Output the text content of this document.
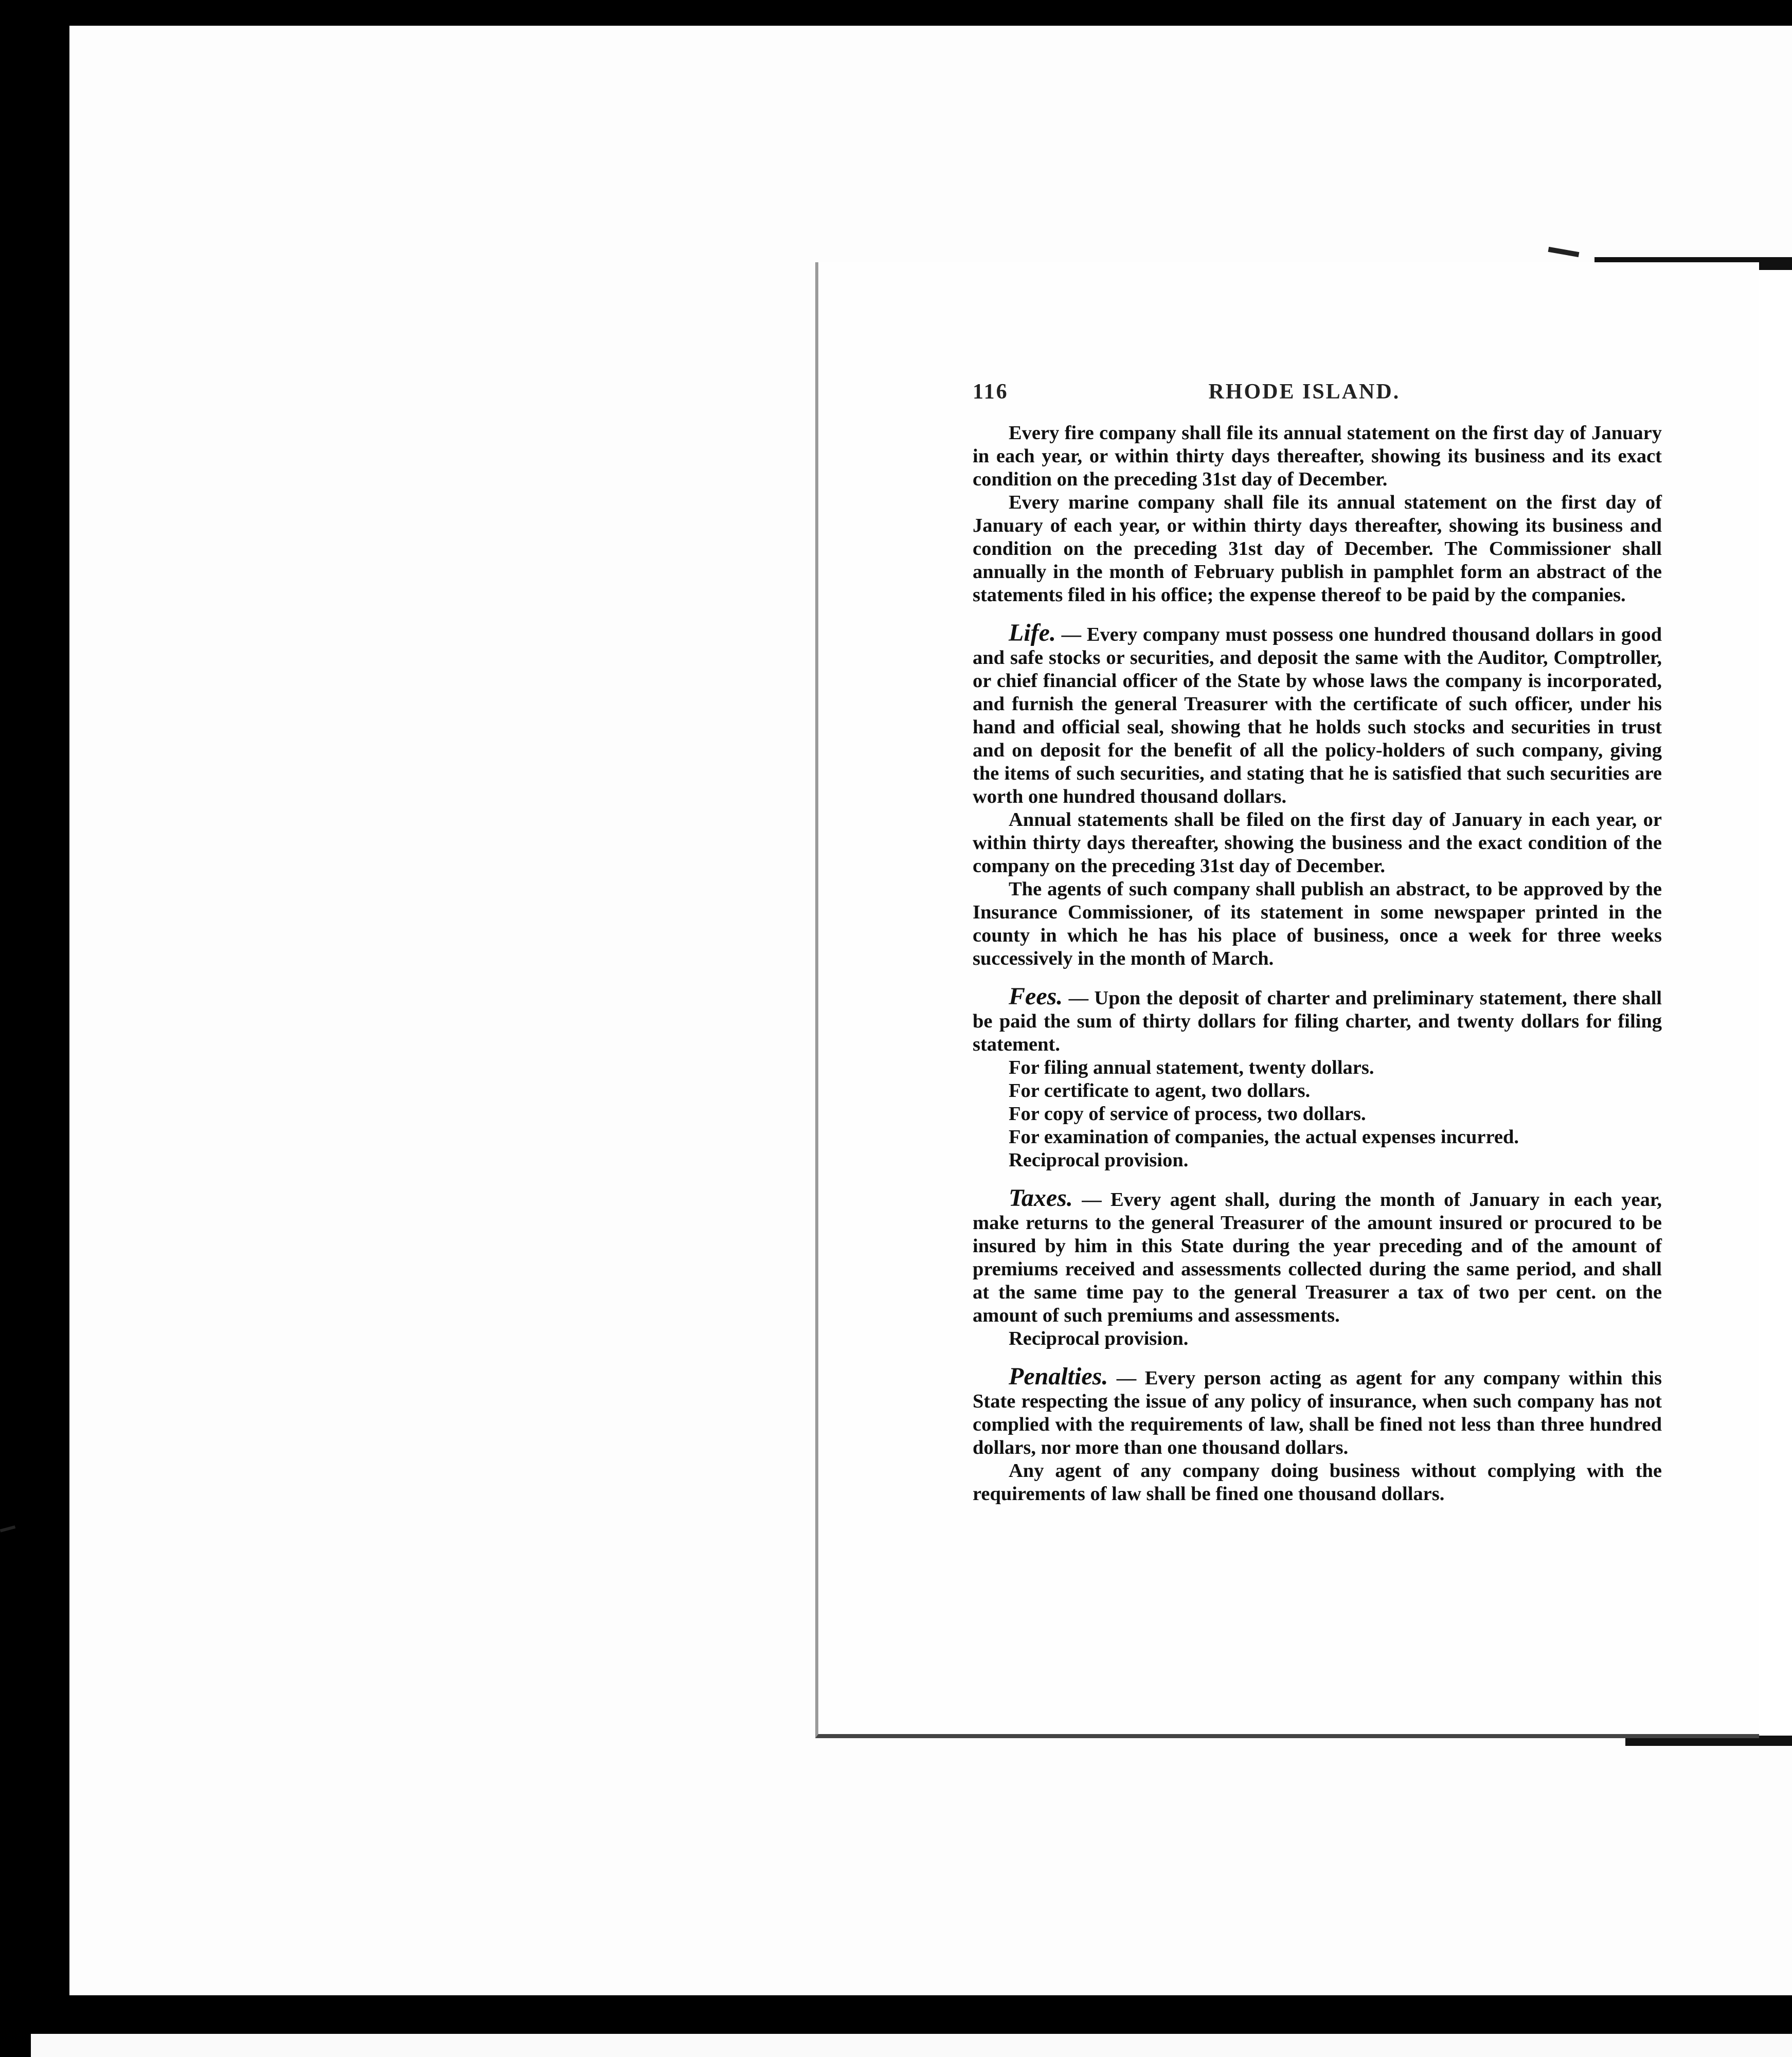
116	RHODE ISLAND.

Every fire company shall file its annual statement on the first day of January in each year, or within thirty days thereafter, showing its business and its exact condition on the preceding 31st day of December.

Every marine company shall file its annual statement on the first day of January of each year, or within thirty days thereafter, showing its business and condition on the preceding 31st day of December. The Commissioner shall annually in the month of February publish in pamphlet form an abstract of the statements filed in his office; the expense thereof to be paid by the companies.

Life. — Every company must possess one hundred thousand dollars in good and safe stocks or securities, and deposit the same with the Auditor, Comptroller, or chief financial officer of the State by whose laws the company is incorporated, and furnish the general Treasurer with the certificate of such officer, under his hand and official seal, showing that he holds such stocks and securities in trust and on deposit for the benefit of all the policy-holders of such company, giving the items of such securities, and stating that he is satisfied that such securities are worth one hundred thousand dollars.

Annual statements shall be filed on the first day of January in each year, or within thirty days thereafter, showing the business and the exact condition of the company on the preceding 31st day of December.

The agents of such company shall publish an abstract, to be approved by the Insurance Commissioner, of its statement in some newspaper printed in the county in which he has his place of business, once a week for three weeks successively in the month of March.

Fees. — Upon the deposit of charter and preliminary statement, there shall be paid the sum of thirty dollars for filing charter, and twenty dollars for filing statement.

For filing annual statement, twenty dollars.

For certificate to agent, two dollars.

For copy of service of process, two dollars.

For examination of companies, the actual expenses incurred.

Reciprocal provision.

Taxes. — Every agent shall, during the month of January in each year, make returns to the general Treasurer of the amount insured or procured to be insured by him in this State during the year preceding and of the amount of premiums received and assessments collected during the same period, and shall at the same time pay to the general Treasurer a tax of two per cent. on the amount of such premiums and assessments.

Reciprocal provision.

Penalties. — Every person acting as agent for any company within this State respecting the issue of any policy of insurance, when such company has not complied with the requirements of law, shall be fined not less than three hundred dollars, nor more than one thousand dollars.

Any agent of any company doing business without complying with the requirements of law shall be fined one thousand dollars.
